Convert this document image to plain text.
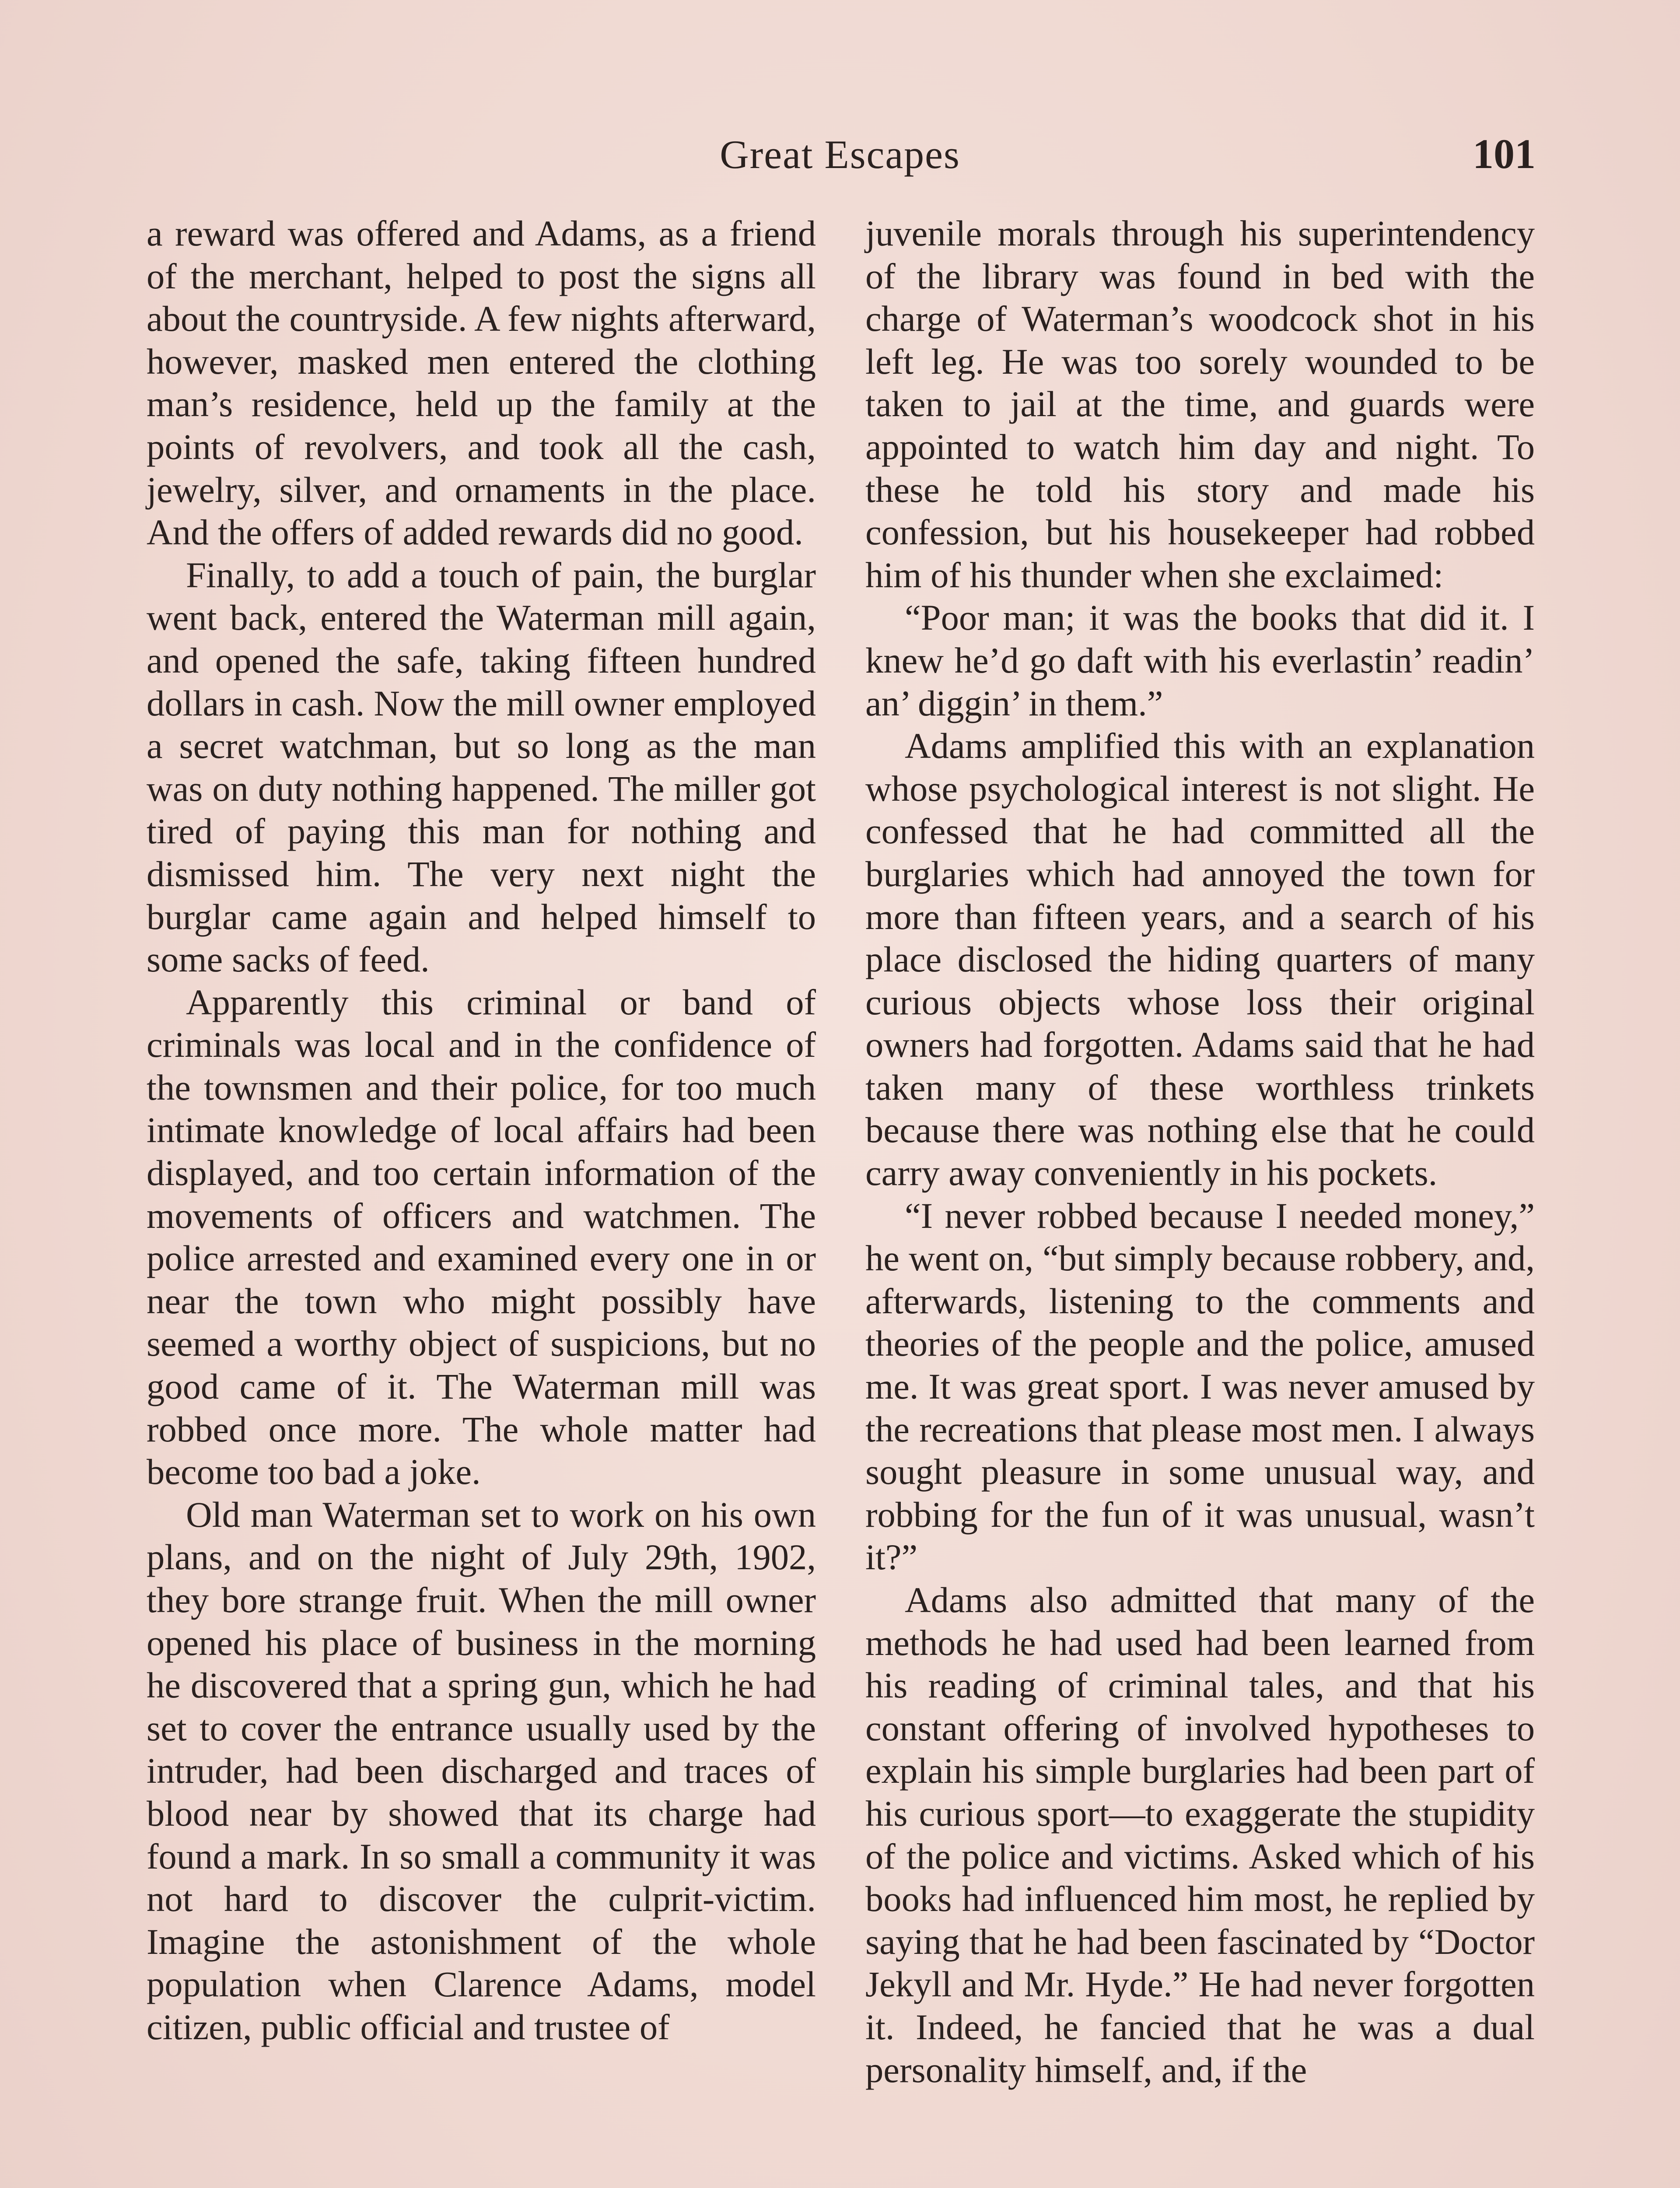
Great Escapes	101

a reward was offered and Adams, as a friend of the merchant, helped to post the signs all about the countryside. A few nights afterward, however, masked men entered the clothing man’s residence, held up the family at the points of revolvers, and took all the cash, jewelry, silver, and ornaments in the place. And the offers of added rewards did no good.

Finally, to add a touch of pain, the burglar went back, entered the Waterman mill again, and opened the safe, taking fifteen hundred dollars in cash. Now the mill owner employed a secret watchman, but so long as the man was on duty nothing happened. The miller got tired of paying this man for nothing and dismissed him. The very next night the burglar came again and helped himself to some sacks of feed.

Apparently this criminal or band of criminals was local and in the confidence of the townsmen and their police, for too much intimate knowledge of local affairs had been displayed, and too certain information of the movements of officers and watchmen. The police arrested and examined every one in or near the town who might possibly have seemed a worthy object of suspicions, but no good came of it. The Waterman mill was robbed once more. The whole matter had become too bad a joke.

Old man Waterman set to work on his own plans, and on the night of July 29th, 1902, they bore strange fruit. When the mill owner opened his place of business in the morning he discovered that a spring gun, which he had set to cover the entrance usually used by the intruder, had been discharged and traces of blood near by showed that its charge had found a mark. In so small a community it was not hard to discover the culprit-victim. Imagine the astonishment of the whole population when Clarence Adams, model citizen, public official and trustee of

juvenile morals through his superintendency of the library was found in bed with the charge of Waterman’s woodcock shot in his left leg. He was too sorely wounded to be taken to jail at the time, and guards were appointed to watch him day and night. To these he told his story and made his confession, but his housekeeper had robbed him of his thunder when she exclaimed:

“Poor man; it was the books that did it. I knew he’d go daft with his everlastin’ readin’ an’ diggin’ in them.”

Adams amplified this with an explanation whose psychological interest is not slight. He confessed that he had committed all the burglaries which had annoyed the town for more than fifteen years, and a search of his place disclosed the hiding quarters of many curious objects whose loss their original owners had forgotten. Adams said that he had taken many of these worthless trinkets because there was nothing else that he could carry away conveniently in his pockets.

“I never robbed because I needed money,” he went on, “but simply because robbery, and, afterwards, listening to the comments and theories of the people and the police, amused me. It was great sport. I was never amused by the recreations that please most men. I always sought pleasure in some unusual way, and robbing for the fun of it was unusual, wasn’t it?”

Adams also admitted that many of the methods he had used had been learned from his reading of criminal tales, and that his constant offering of involved hypotheses to explain his simple burglaries had been part of his curious sport—to exaggerate the stupidity of the police and victims. Asked which of his books had influenced him most, he replied by saying that he had been fascinated by “Doctor Jekyll and Mr. Hyde.” He had never forgotten it. Indeed, he fancied that he was a dual personality himself, and, if the
